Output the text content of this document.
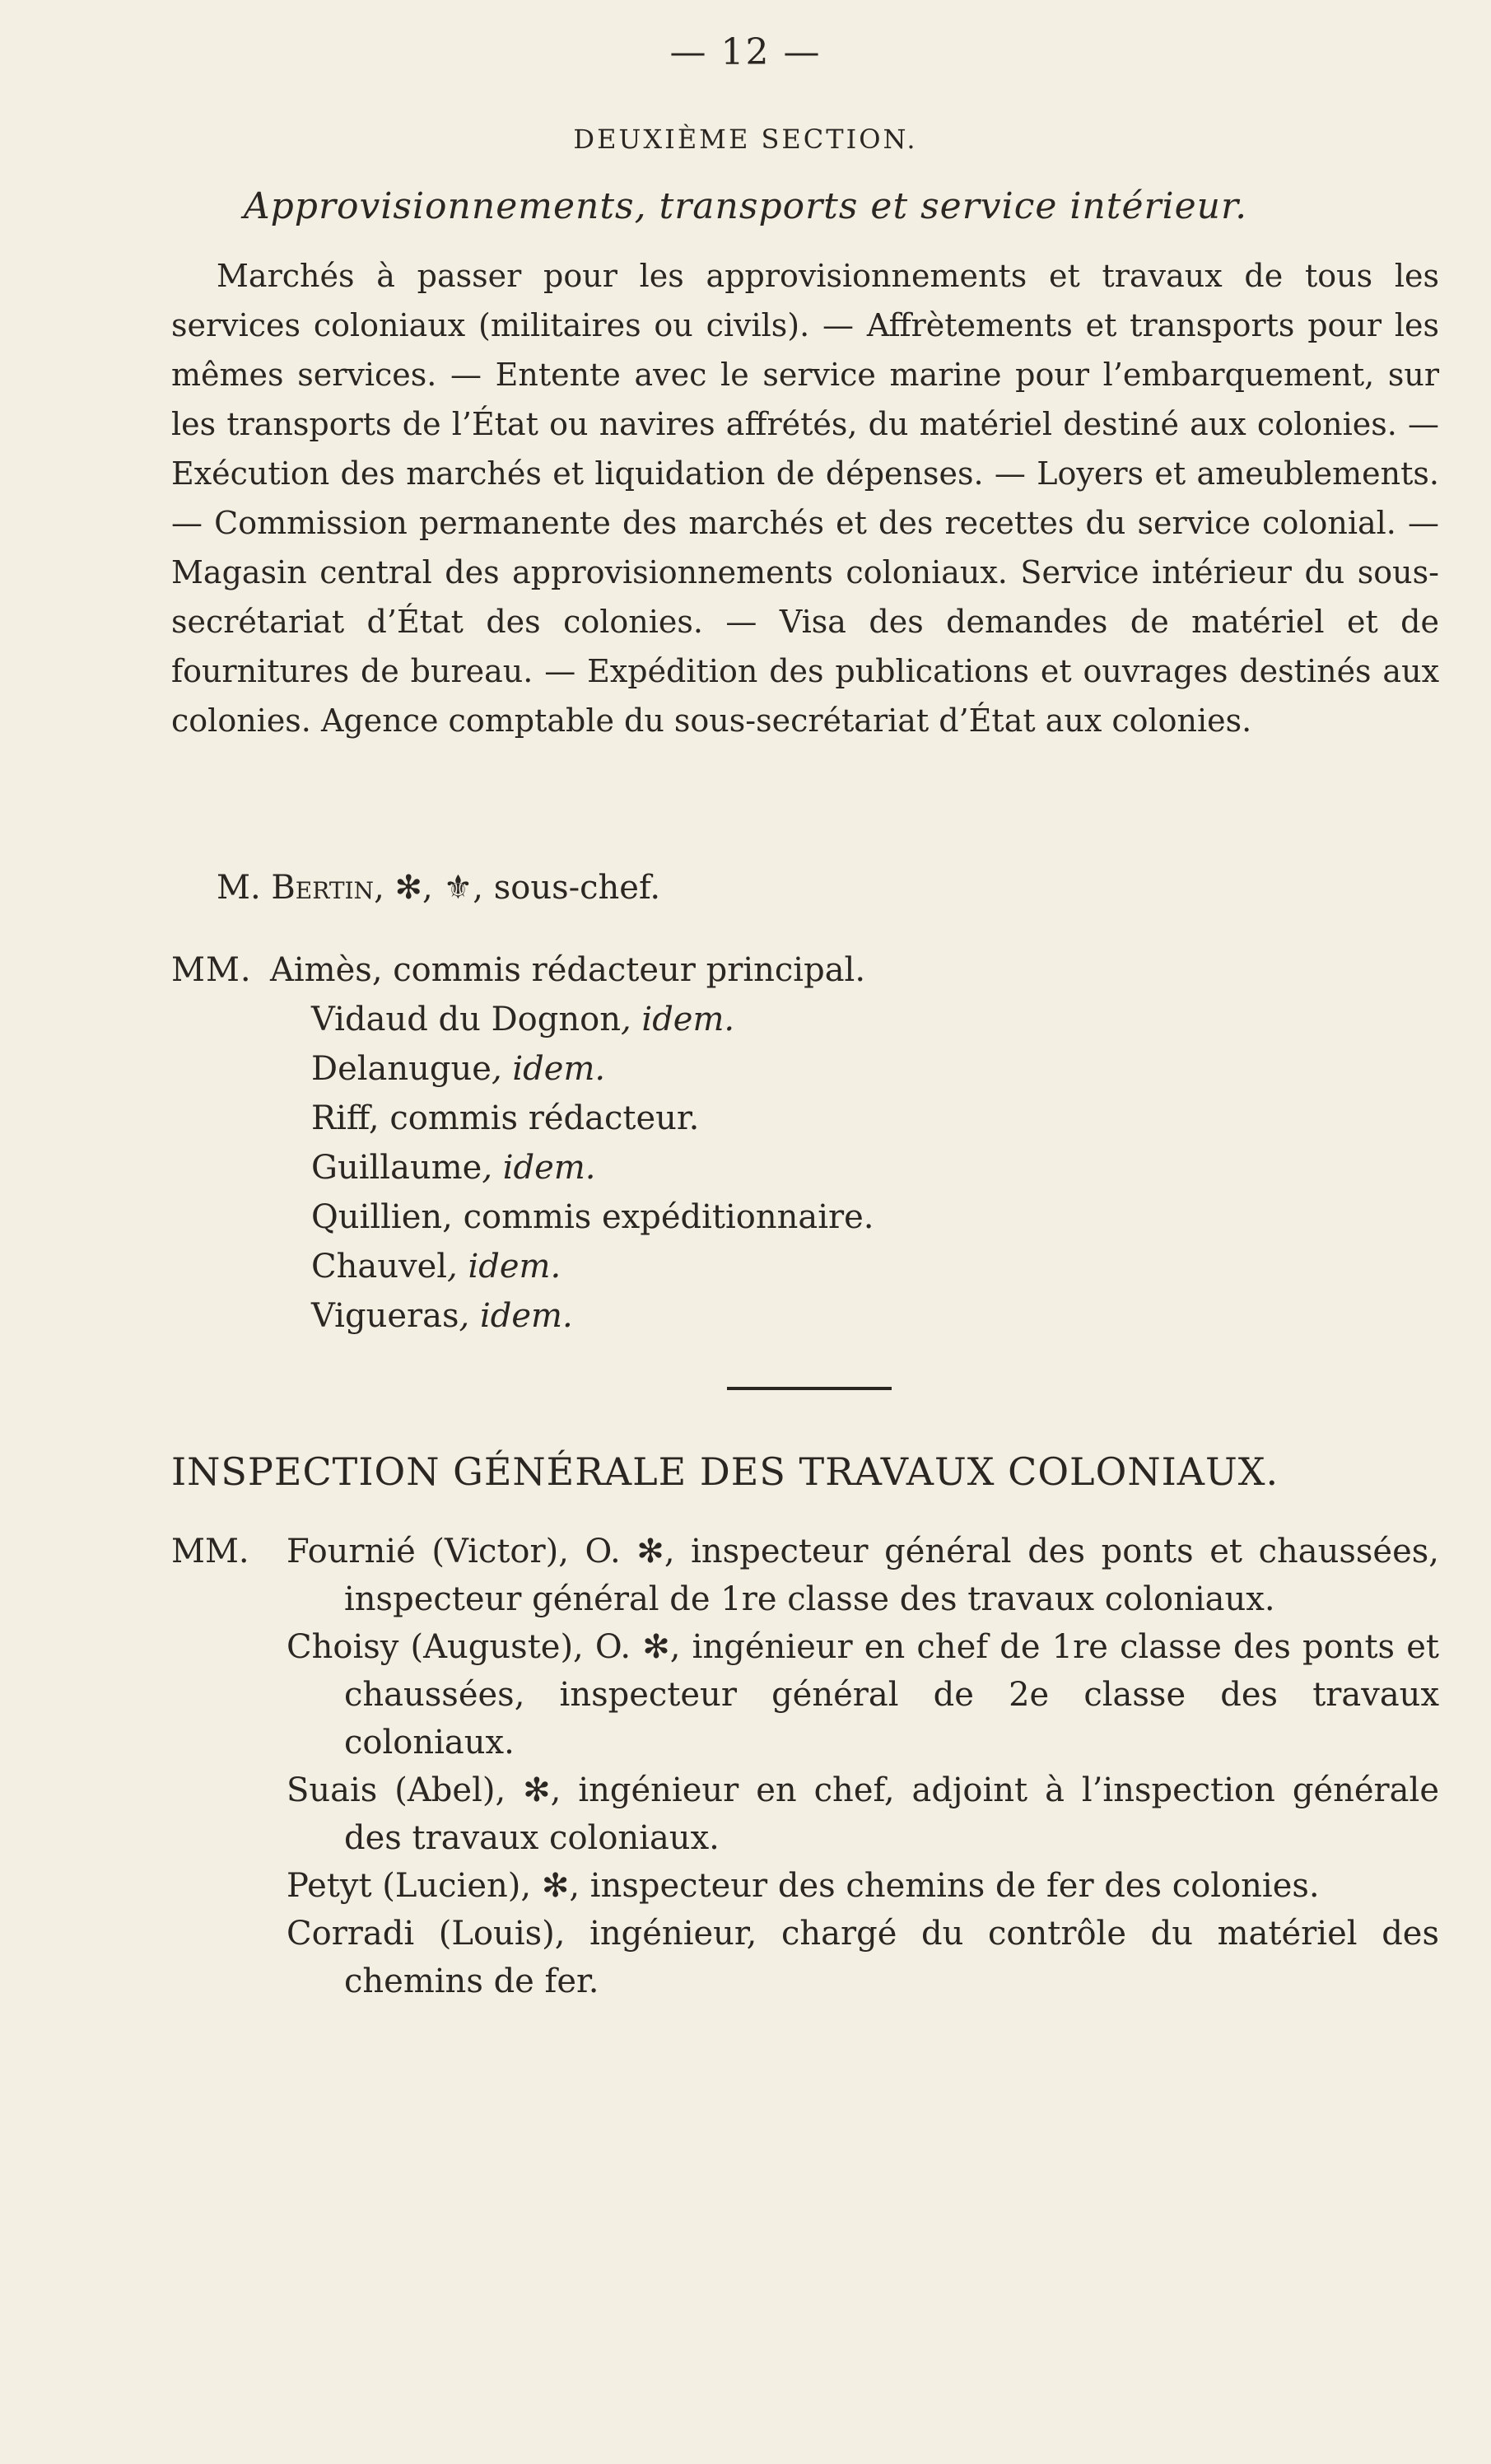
— 12 —
DEUXIÈME SECTION.
Approvisionnements, transports et service intérieur.
Marchés à passer pour les approvisionnements et travaux de tous les services coloniaux (militaires ou civils). — Affrètements et transports pour les mêmes services. — Entente avec le service marine pour l’embarquement, sur les transports de l’État ou navires affrétés, du matériel destiné aux colonies. — Exécution des marchés et liquidation de dépenses. — Loyers et ameublements. — Commission permanente des marchés et des recettes du service colonial. — Magasin central des approvisionnements coloniaux. Service intérieur du sous-secrétariat d’État des colonies. — Visa des demandes de matériel et de fournitures de bureau. — Expédition des publications et ouvrages destinés aux colonies. Agence comptable du sous-secrétariat d’État aux colonies.
M. Bertin, ✻, ⚜, sous-chef.
MM. Aimès, commis rédacteur principal.
Vidaud du Dognon, idem.
Delanugue, idem.
Riff, commis rédacteur.
Guillaume, idem.
Quillien, commis expéditionnaire.
Chauvel, idem.
Vigueras, idem.
INSPECTION GÉNÉRALE DES TRAVAUX COLONIAUX.
MM.	Fournié (Victor), O. ✻, inspecteur général des ponts et chaussées, inspecteur général de 1re classe des travaux coloniaux.
Choisy (Auguste), O. ✻, ingénieur en chef de 1re classe des ponts et chaussées, inspecteur général de 2e classe des travaux coloniaux.
Suais (Abel), ✻, ingénieur en chef, adjoint à l’inspection générale des travaux coloniaux.
Petyt (Lucien), ✻, inspecteur des chemins de fer des colonies.
Corradi (Louis), ingénieur, chargé du contrôle du matériel des chemins de fer.
